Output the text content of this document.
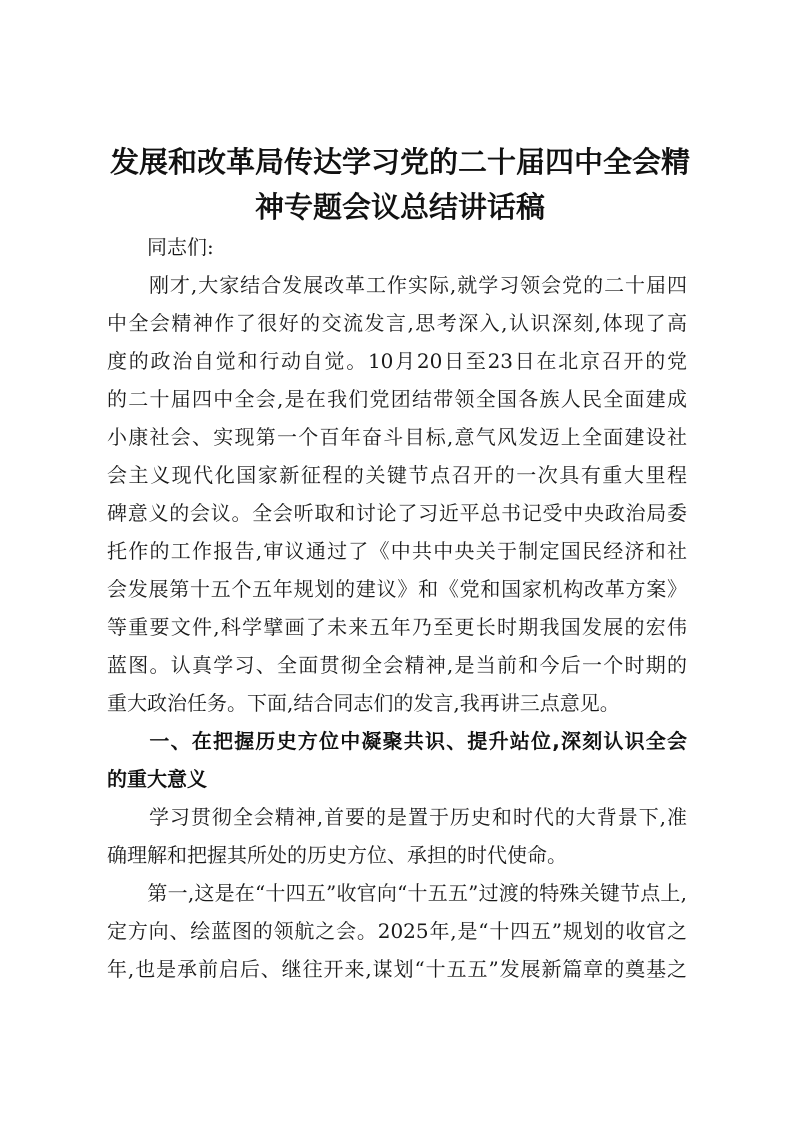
发展和改革局传达学习党的二十届四中全会精
神专题会议总结讲话稿
　　同志们:
　　刚才,大家结合发展改革工作实际,就学习领会党的二十届四
中全会精神作了很好的交流发言,思考深入,认识深刻,体现了高
度的政治自觉和行动自觉。10月20日至23日在北京召开的党
的二十届四中全会,是在我们党团结带领全国各族人民全面建成
小康社会、实现第一个百年奋斗目标,意气风发迈上全面建设社
会主义现代化国家新征程的关键节点召开的一次具有重大里程
碑意义的会议。全会听取和讨论了习近平总书记受中央政治局委
托作的工作报告,审议通过了《中共中央关于制定国民经济和社
会发展第十五个五年规划的建议》和《党和国家机构改革方案》
等重要文件,科学擘画了未来五年乃至更长时期我国发展的宏伟
蓝图。认真学习、全面贯彻全会精神,是当前和今后一个时期的
重大政治任务。下面,结合同志们的发言,我再讲三点意见。
　　一、在把握历史方位中凝聚共识、提升站位,深刻认识全会
的重大意义
　　学习贯彻全会精神,首要的是置于历史和时代的大背景下,准
确理解和把握其所处的历史方位、承担的时代使命。
　　第一,这是在“十四五”收官向“十五五”过渡的特殊关键节点上,
定方向、绘蓝图的领航之会。2025年,是“十四五”规划的收官之
年,也是承前启后、继往开来,谋划“十五五”发展新篇章的奠基之
